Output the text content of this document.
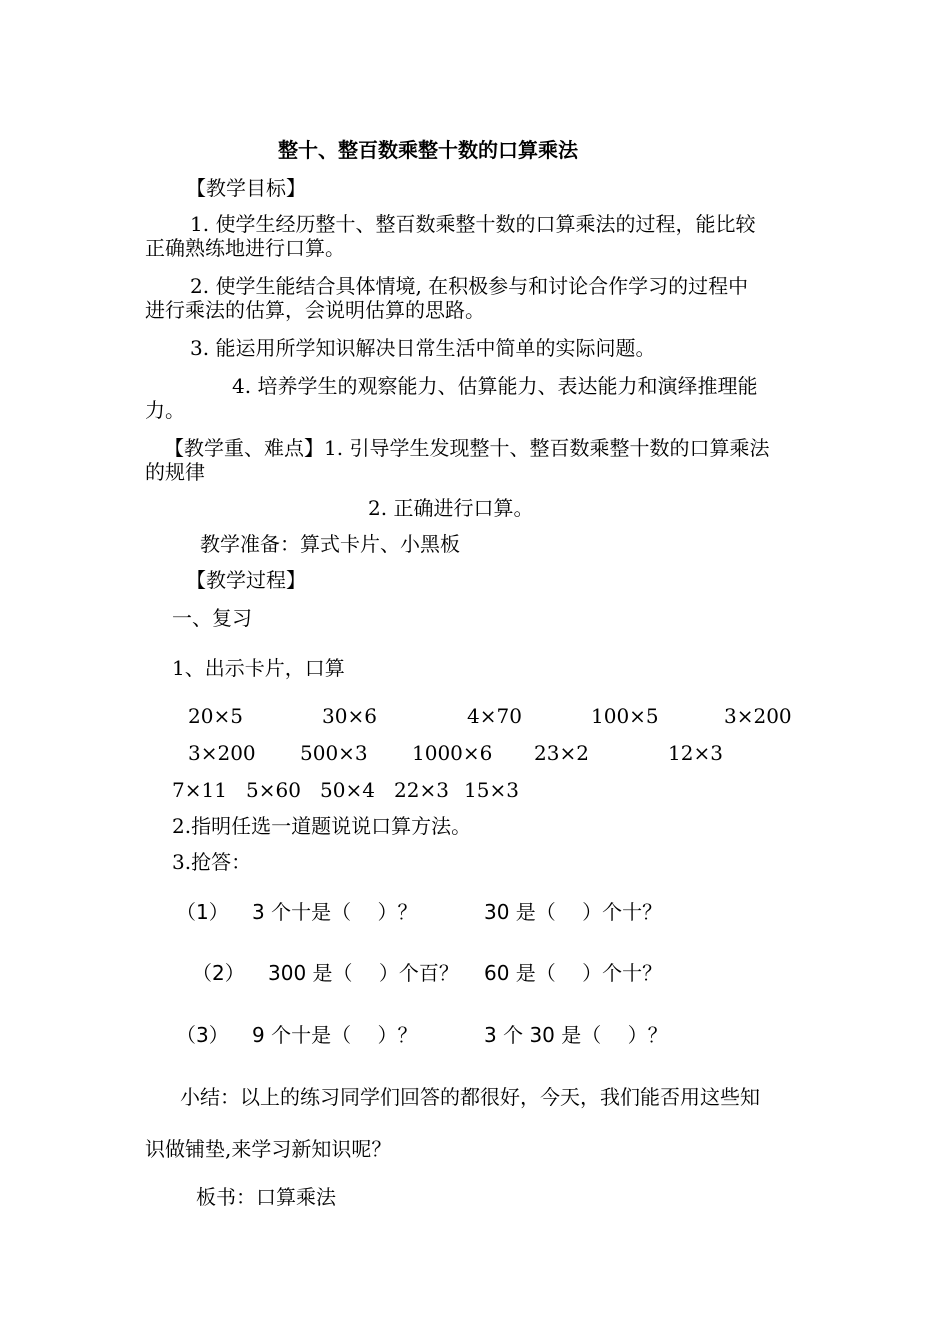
整十、整百数乘整十数的口算乘法
【教学目标】
1. 使学生经历整十、整百数乘整十数的口算乘法的过程，能比较
正确熟练地进行口算。
2. 使学生能结合具体情境, 在积极参与和讨论合作学习的过程中
进行乘法的估算，会说明估算的思路。
3. 能运用所学知识解决日常生活中简单的实际问题。
4. 培养学生的观察能力、估算能力、表达能力和演绎推理能
力。
【教学重、难点】1. 引导学生发现整十、整百数乘整十数的口算乘法
的规律
2. 正确进行口算。
教学准备：算式卡片、小黑板
【教学过程】
一、复习
1、出示卡片，口算
20×5	30×6	4×70	100×5	3×200
3×200 500×3 1000×6 23×2	12×3
7×11 5×60 50×4 22×3 15×3
2.指明任选一道题说说口算方法。
3.抢答：
（1） 3 个十是（　 ）？	30 是（　 ）个十？
（2） 300 是（　 ）个百？ 60 是（　 ）个十？
（3） 9 个十是（　 ）？	3 个 30 是（　 ）？
小结：以上的练习同学们回答的都很好，今天，我们能否用这些知
识做铺垫,来学习新知识呢？
板书：口算乘法
